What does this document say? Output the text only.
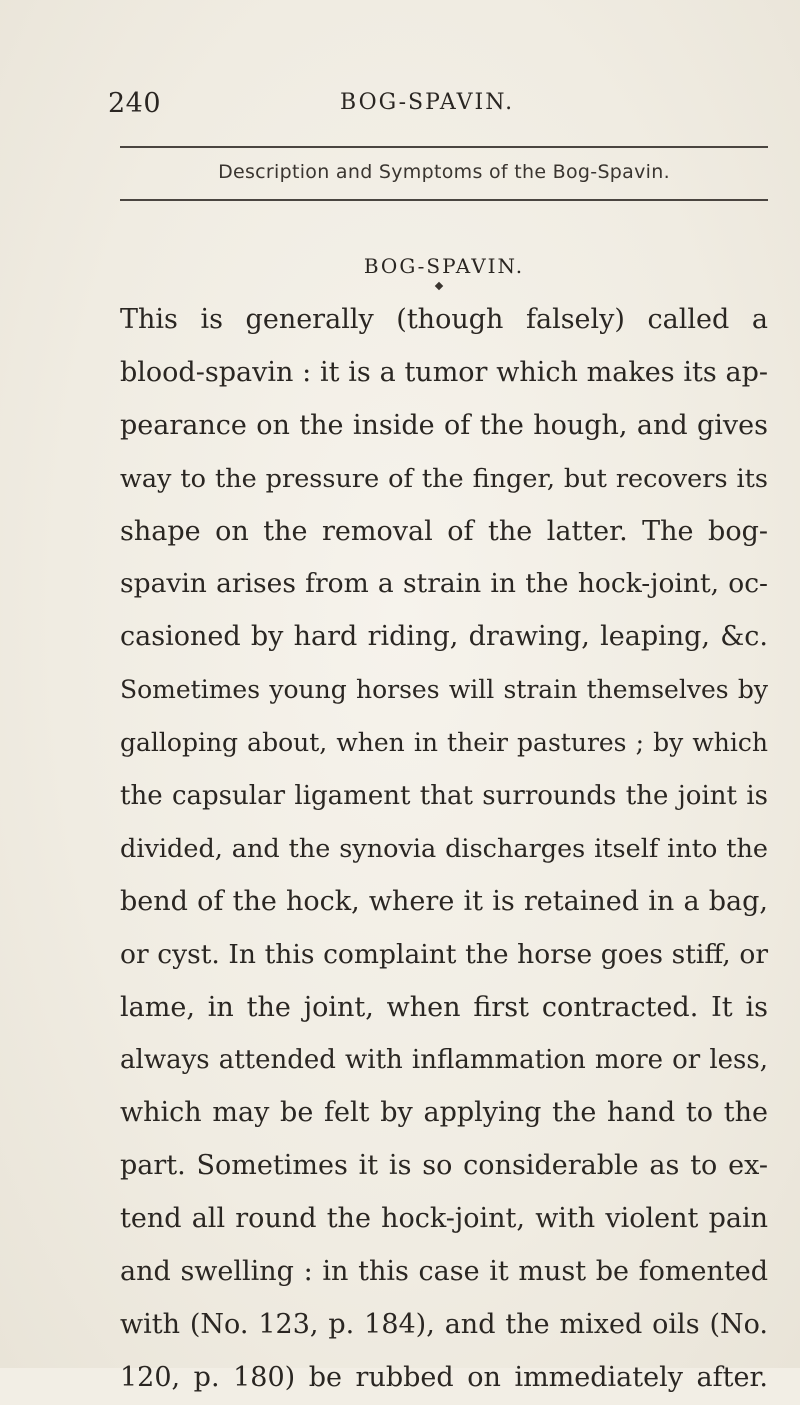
240	BOG-SPAVIN.
Description and Symptoms of the Bog-Spavin.
BOG-SPAVIN.
This is generally (though falsely) called a
blood-spavin : it is a tumor which makes its ap-
pearance on the inside of the hough, and gives
way to the pressure of the finger, but recovers its
shape on the removal of the latter. The bog-
spavin arises from a strain in the hock-joint, oc-
casioned by hard riding, drawing, leaping, &c.
Sometimes young horses will strain themselves by
galloping about, when in their pastures ; by which
the capsular ligament that surrounds the joint is
divided, and the synovia discharges itself into the
bend of the hock, where it is retained in a bag,
or cyst. In this complaint the horse goes stiff, or
lame, in the joint, when first contracted. It is
always attended with inflammation more or less,
which may be felt by applying the hand to the
part. Sometimes it is so considerable as to ex-
tend all round the hock-joint, with violent pain
and swelling : in this case it must be fomented
with (No. 123, p. 184), and the mixed oils (No.
120, p. 180) be rubbed on immediately after.
